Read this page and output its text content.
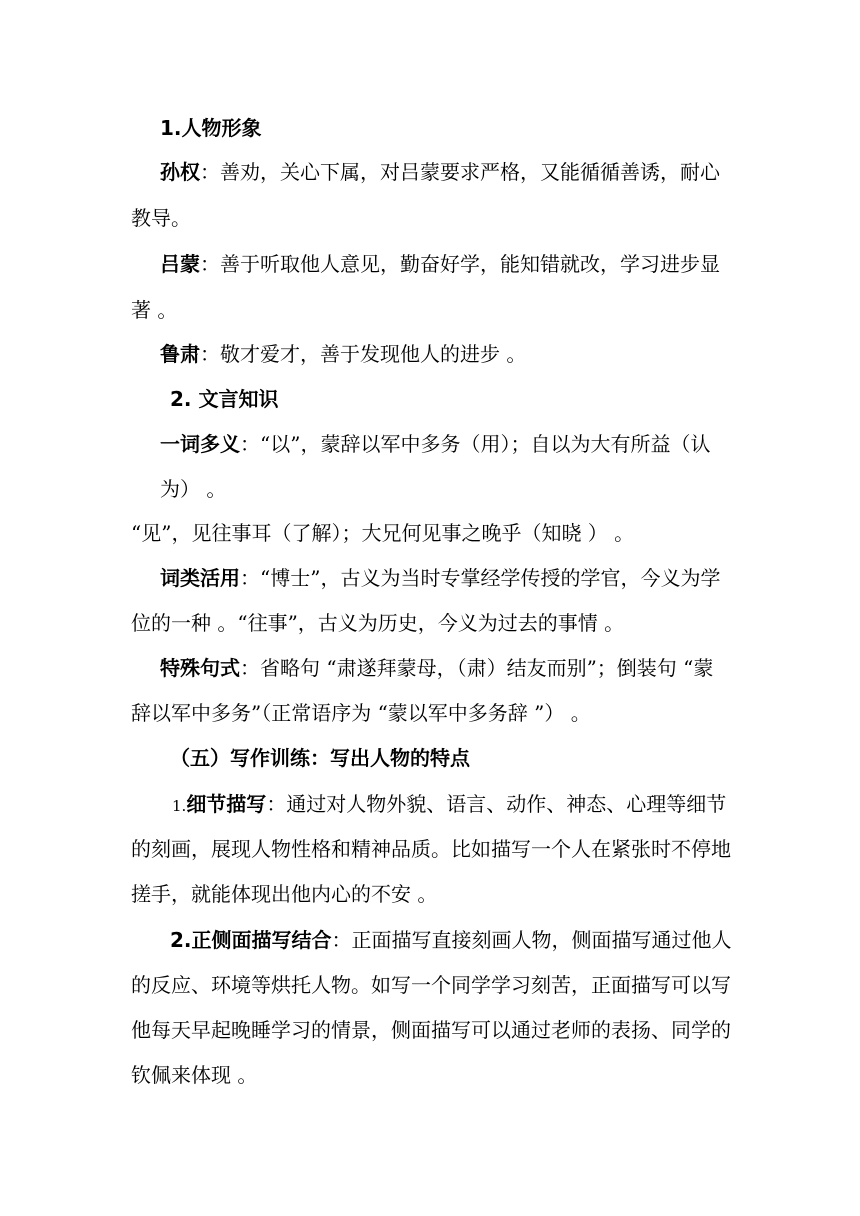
1.人物形象
孙权：善劝，关心下属，对吕蒙要求严格，又能循循善诱，耐心
教导。
吕蒙：善于听取他人意见，勤奋好学，能知错就改，学习进步显
著 。
鲁肃：敬才爱才，善于发现他人的进步 。
2. 文言知识
一词多义：“以”，蒙辞以军中多务（用）；自以为大有所益（认
为） 。
“见”，见往事耳（了解）；大兄何见事之晚乎（知晓 ） 。
词类活用：“博士”，古义为当时专掌经学传授的学官，今义为学
位的一种 。“往事”，古义为历史，今义为过去的事情 。
特殊句式：省略句 “肃遂拜蒙母，（肃）结友而别”；倒装句 “蒙
辞以军中多务”（正常语序为 “蒙以军中多务辞 ”） 。
（五）写作训练：写出人物的特点
1.细节描写：通过对人物外貌、语言、动作、神态、心理等细节
的刻画，展现人物性格和精神品质。比如描写一个人在紧张时不停地
搓手，就能体现出他内心的不安 。
2.正侧面描写结合：正面描写直接刻画人物，侧面描写通过他人
的反应、环境等烘托人物。如写一个同学学习刻苦，正面描写可以写
他每天早起晚睡学习的情景，侧面描写可以通过老师的表扬、同学的
钦佩来体现 。
